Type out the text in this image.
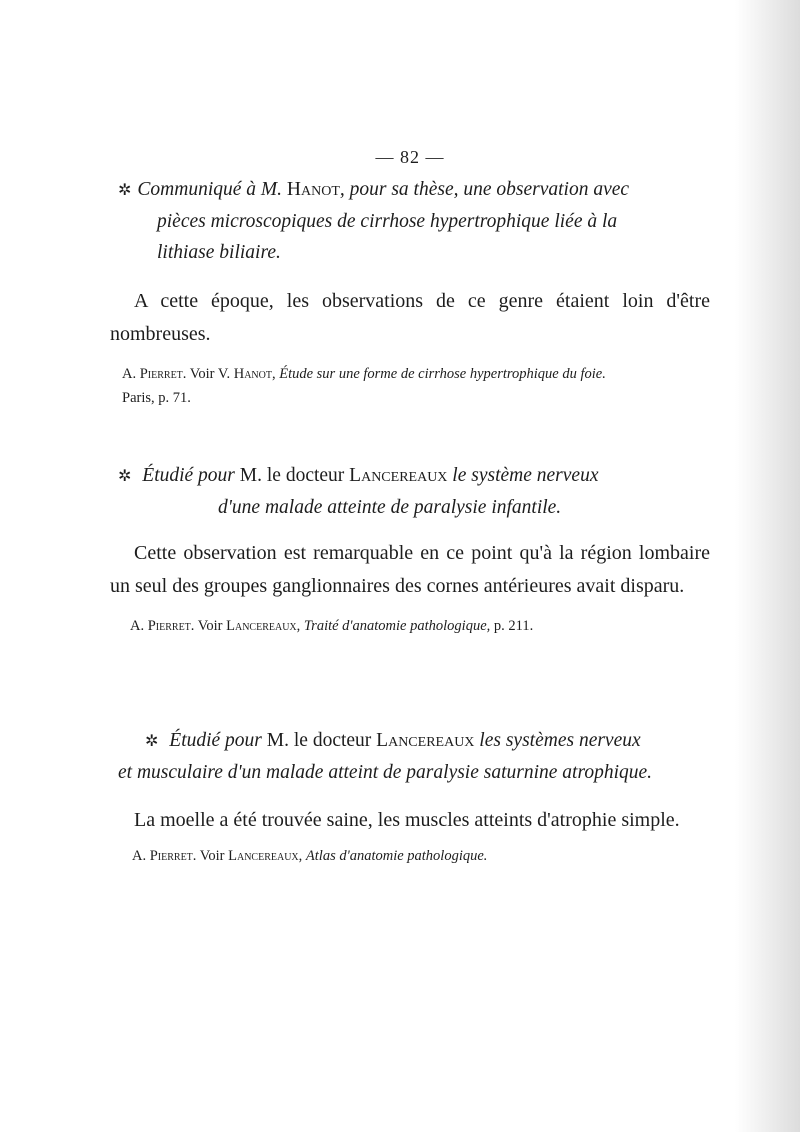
— 82 —
✲ Communiqué à M. Hanot, pour sa thèse, une observation avec
pièces microscopiques de cirrhose hypertrophique liée à la
lithiase biliaire.

A cette époque, les observations de ce genre étaient loin d'être nombreuses.

A. Pierret. Voir V. Hanot, Étude sur une forme de cirrhose hypertrophique du foie.
Paris, p. 71.
✲ Étudié pour M. le docteur Lancereaux le système nerveux
d'une malade atteinte de paralysie infantile.

Cette observation est remarquable en ce point qu'à la région lombaire un seul des groupes ganglionnaires des cornes antérieures avait disparu.

A. Pierret. Voir Lancereaux, Traité d'anatomie pathologique, p. 211.
✲ Étudié pour M. le docteur Lancereaux les systèmes nerveux
et musculaire d'un malade atteint de paralysie saturnine atrophique.

La moelle a été trouvée saine, les muscles atteints d'atrophie simple.

A. Pierret. Voir Lancereaux, Atlas d'anatomie pathologique.
